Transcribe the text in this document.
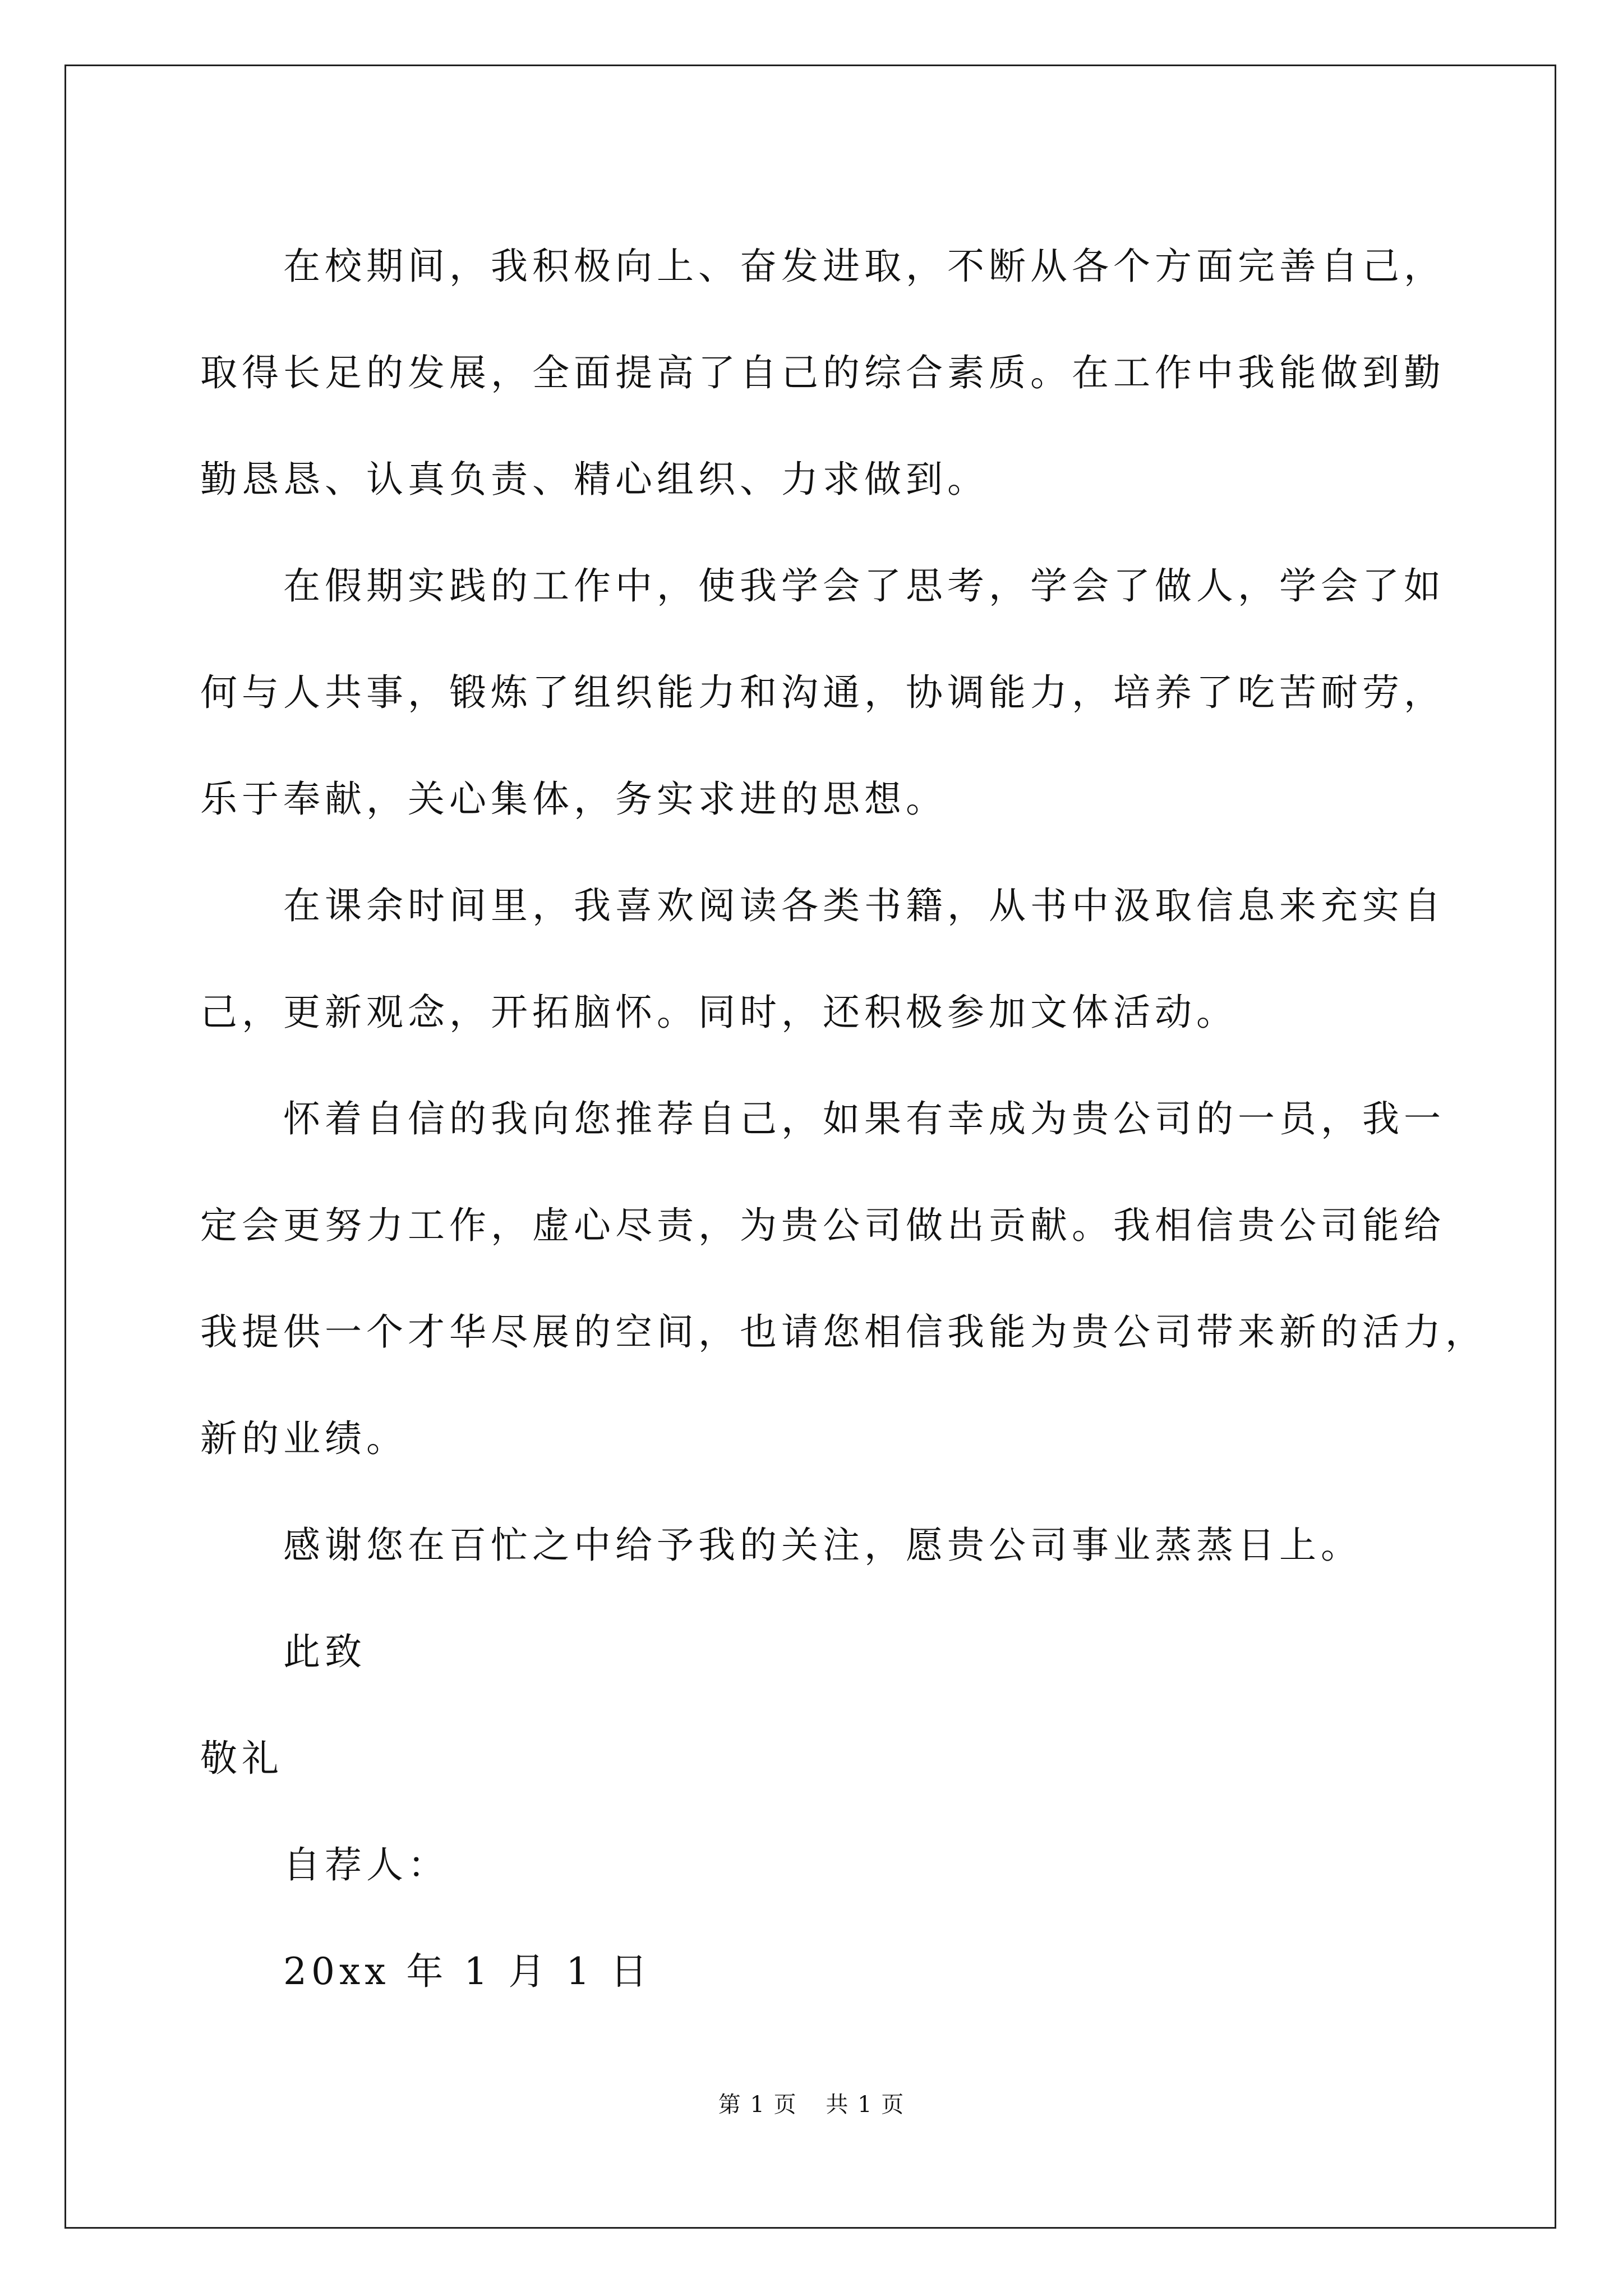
在校期间，我积极向上、奋发进取，不断从各个方面完善自己，
取得长足的发展，全面提高了自己的综合素质。在工作中我能做到勤
勤恳恳、认真负责、精心组织、力求做到。

在假期实践的工作中，使我学会了思考，学会了做人，学会了如
何与人共事，锻炼了组织能力和沟通，协调能力，培养了吃苦耐劳，
乐于奉献，关心集体，务实求进的思想。

在课余时间里，我喜欢阅读各类书籍，从书中汲取信息来充实自
己，更新观念，开拓脑怀。同时，还积极参加文体活动。

怀着自信的我向您推荐自己，如果有幸成为贵公司的一员，我一
定会更努力工作，虚心尽责，为贵公司做出贡献。我相信贵公司能给
我提供一个才华尽展的空间，也请您相信我能为贵公司带来新的活力，
新的业绩。

感谢您在百忙之中给予我的关注，愿贵公司事业蒸蒸日上。

此致

敬礼

自荐人：

20xx 年 1 月 1 日

第 1 页 共 1 页
